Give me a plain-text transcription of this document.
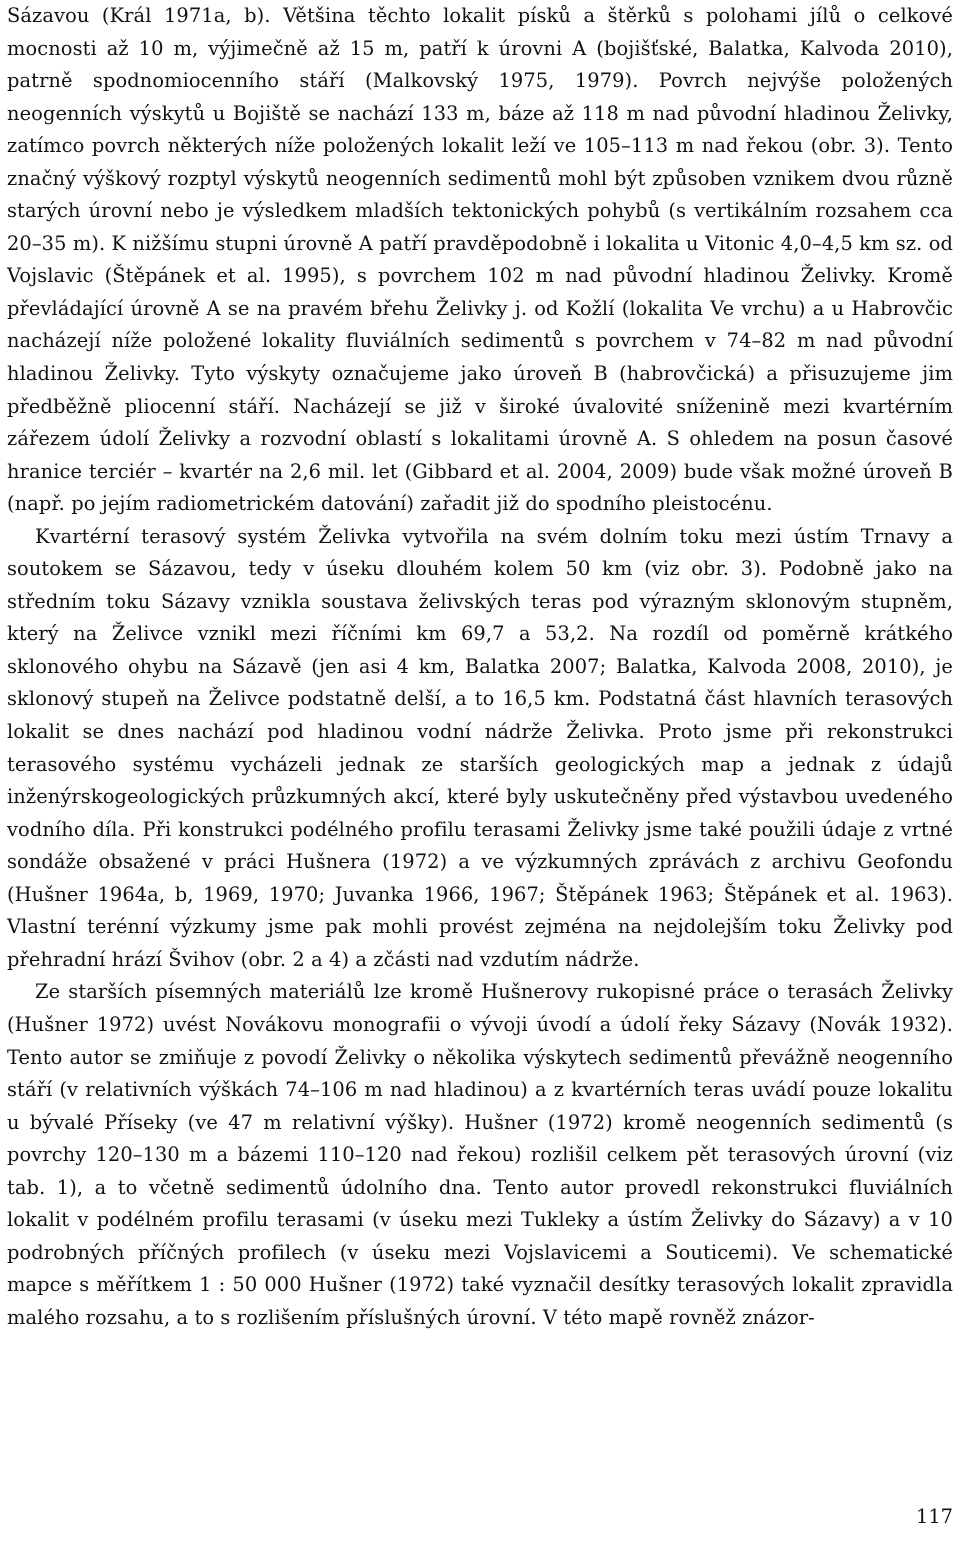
Sázavou (Král 1971a, b). Většina těchto lokalit písků a štěrků s polohami jílů o celkové mocnosti až 10 m, výjimečně až 15 m, patří k úrovni A (bojišťské, Balatka, Kalvoda 2010), patrně spodnomiocenního stáří (Malkovský 1975, 1979). Povrch nejvýše položených neogenních výskytů u Bojiště se nachází 133 m, báze až 118 m nad původní hladinou Želivky, zatímco povrch některých níže položených lokalit leží ve 105–113 m nad řekou (obr. 3). Tento značný výškový rozptyl výskytů neogenních sedimentů mohl být způsoben vznikem dvou různě starých úrovní nebo je výsledkem mladších tektonických pohybů (s vertikálním rozsahem cca 20–35 m). K nižšímu stupni úrovně A patří pravděpodobně i lokalita u Vitonic 4,0–4,5 km sz. od Vojslavic (Štěpánek et al. 1995), s povrchem 102 m nad původní hladinou Želivky. Kromě převládající úrovně A se na pravém břehu Želivky j. od Kožlí (lokalita Ve vrchu) a u Habrovčic nacházejí níže položené lokality fluviálních sedimentů s povrchem v 74–82 m nad původní hladinou Želivky. Tyto výskyty označujeme jako úroveň B (habrovčická) a přisuzujeme jim předběžně pliocenní stáří. Nacházejí se již v široké úvalovité sníženině mezi kvartérním zářezem údolí Želivky a rozvodní oblastí s lokalitami úrovně A. S ohledem na posun časové hranice terciér – kvartér na 2,6 mil. let (Gibbard et al. 2004, 2009) bude však možné úroveň B (např. po jejím radiometrickém datování) zařadit již do spodního pleistocénu.

Kvartérní terasový systém Želivka vytvořila na svém dolním toku mezi ústím Trnavy a soutokem se Sázavou, tedy v úseku dlouhém kolem 50 km (viz obr. 3). Podobně jako na středním toku Sázavy vznikla soustava želivských teras pod výrazným sklonovým stupněm, který na Želivce vznikl mezi říčními km 69,7 a 53,2. Na rozdíl od poměrně krátkého sklonového ohybu na Sázavě (jen asi 4 km, Balatka 2007; Balatka, Kalvoda 2008, 2010), je sklonový stupeň na Želivce podstatně delší, a to 16,5 km. Podstatná část hlavních terasových lokalit se dnes nachází pod hladinou vodní nádrže Želivka. Proto jsme při rekonstrukci terasového systému vycházeli jednak ze starších geologických map a jednak z údajů inženýrskogeologických průzkumných akcí, které byly uskutečněny před výstavbou uvedeného vodního díla. Při konstrukci podélného profilu terasami Želivky jsme také použili údaje z vrtné sondáže obsažené v práci Hušnera (1972) a ve výzkumných zprávách z archivu Geofondu (Hušner 1964a, b, 1969, 1970; Juvanka 1966, 1967; Štěpánek 1963; Štěpánek et al. 1963). Vlastní terénní výzkumy jsme pak mohli provést zejména na nejdolejším toku Želivky pod přehradní hrází Švihov (obr. 2 a 4) a zčásti nad vzdutím nádrže.

Ze starších písemných materiálů lze kromě Hušnerovy rukopisné práce o terasách Želivky (Hušner 1972) uvést Novákovu monografii o vývoji úvodí a údolí řeky Sázavy (Novák 1932). Tento autor se zmiňuje z povodí Želivky o několika výskytech sedimentů převážně neogenního stáří (v relativních výškách 74–106 m nad hladinou) a z kvartérních teras uvádí pouze lokalitu u bývalé Příseky (ve 47 m relativní výšky). Hušner (1972) kromě neogenních sedimentů (s povrchy 120–130 m a bázemi 110–120 nad řekou) rozlišil celkem pět terasových úrovní (viz tab. 1), a to včetně sedimentů údolního dna. Tento autor provedl rekonstrukci fluviálních lokalit v podélném profilu terasami (v úseku mezi Tukleky a ústím Želivky do Sázavy) a v 10 podrobných příčných profilech (v úseku mezi Vojslavicemi a Souticemi). Ve schematické mapce s měřítkem 1 : 50 000 Hušner (1972) také vyznačil desítky terasových lokalit zpravidla malého rozsahu, a to s rozlišením příslušných úrovní. V této mapě rovněž znázor-

117
